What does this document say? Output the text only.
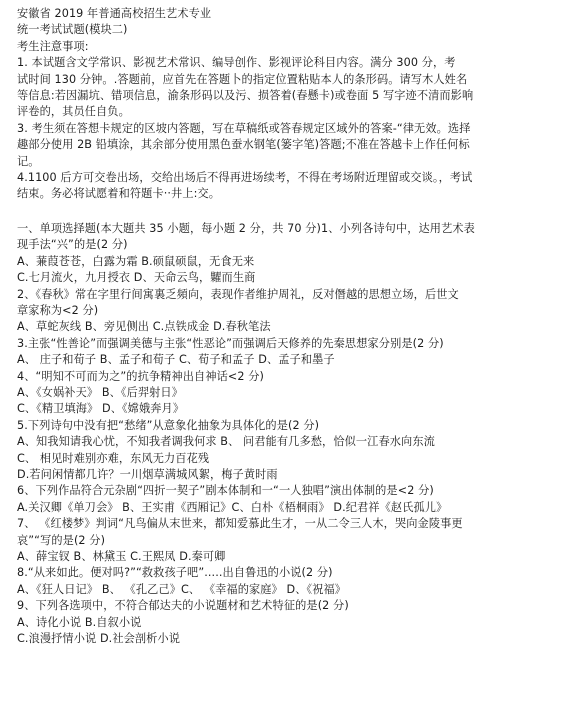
安徽省 2019 年普通高校招生艺术专业
统一考试试题(模块二)
考生注意事项:
1. 本试题含文学常识、影视艺术常识、编导创作、影视评论科目内容。满分 300 分，考
试时间 130 分钟。.答题前，应首先在答题卜的指定位置粘贴本人的条形码。请写木人姓名
等信息:若因漏坑、错项信息，渝条形码以及污、损答着(春懸卡)或卷面 5 写字迹不清而影响
评卷的，其员任自负。
3. 考生须在答想卡规定的区坡内答题，写在草稿纸或答春规定区域外的答案-“律无效。选择
趣部分使用 2B 铅填涂，其余部分使用黑色蚕水钢笔(篓字笔)答题;不准在答越卡上作任何标
记。
4.1100 后方可交卷出场，交给出场后不得再进场续考，不得在考场附近理留或交谈。，考试
结束。务必将试愿着和符题卡··井上:交。
一、单项选择题(本大题共 35 小题，每小题 2 分，共 70 分)1、小列各诗句中，达用艺术表
现手法“兴”的是(2 分)
A、蒹葭苍苍，白露为霜 B.硕鼠硕鼠，无食无来
C.七月流火，九月授衣 D、天命云鸟，糶而生商
2、《春秋》常在字里行间寓裏乏頻向，表现作者维护周礼，反对僭越的思想立场，后世文
章家称为<2 分)
A、草蛇灰线 B、旁见侧出 C.点铁成金 D.春秋笔法
3.主张“性善论”而强调美德与主张“性恶论”而强调后天修养的先秦思想家分别是(2 分)
A、 庄子和荀子 B、孟子和荀子 C、荀子和孟子 D、孟子和墨子
4、“明知不可而为之”的抗争精神出自神话<2 分)
A、《女娲补天》 B、《后羿射日》
C、《精卫填海》 D、《嫦娥奔月》
5.下列诗句中没有把“愁绪”从意象化抽象为具体化的是(2 分)
A、知我知请我心忧，不知我者调我何求 B、 问君能有几多愁，恰似一江春水向东流
C、 相见时难别亦难，东风无力百花残
D.若问闲情都几许？一川烟草满城风絮，梅子黄时雨
6、下列作品符合元杂剧“四折一契子”剧本体制和一“一人独唱”演出体制的是<2 分)
A.关汉卿《单刀会》 B、王实甫《西厢记》C、白朴《梧桐雨》 D.纪君祥《赵氏孤儿》
7、 《红楼梦》判词“凡鸟偏从末世来，都知爱慕此生才，一从二令三人木，哭向金陵事更
哀”“写的是(2 分)
A、薛宝钗 B、林黛玉 C.王熙凤 D.秦可卿
8.“从来如此。便对吗?”“救救孩子吧”.....出自鲁迅的小说(2 分)
A、《狂人日记》 B、 《孔乙己》C、 《幸福的家庭》 D、《祝福》
9、下列各选项中，不符合郁达夫的小说题材和艺术特征的是(2 分)
A、诗化小说 B.自叙小说
C.浪漫抒情小说 D.社会剖析小说
